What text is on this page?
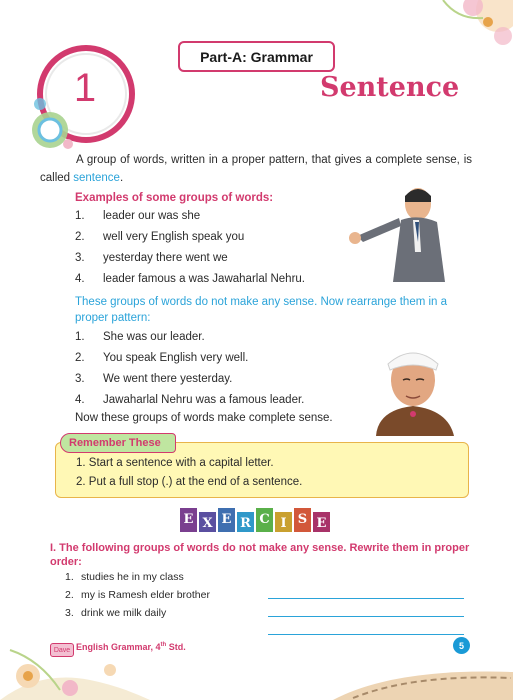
Part-A: Grammar
1	Sentence
A group of words, written in a proper pattern, that gives a complete sense, is called sentence.
Examples of some groups of words:
1.	leader our was she
2.	well very English speak you
3.	yesterday there went we
4.	leader famous a was Jawaharlal Nehru.
These groups of words do not make any sense. Now rearrange them in a proper pattern:
1.	She was our leader.
2.	You speak English very well.
3.	We went there yesterday.
4.	Jawaharlal Nehru was a famous leader.
Now these groups of words make complete sense.
1. Start a sentence with a capital letter.
2. Put a full stop (.) at the end of a sentence.
Remember These
E X E R C I S E
I. The following groups of words do not make any sense. Rewrite them in proper order:
1. studies he in my class
2. my is Ramesh elder brother
3. drink we milk daily
Dave English Grammar, 4th Std.	5
